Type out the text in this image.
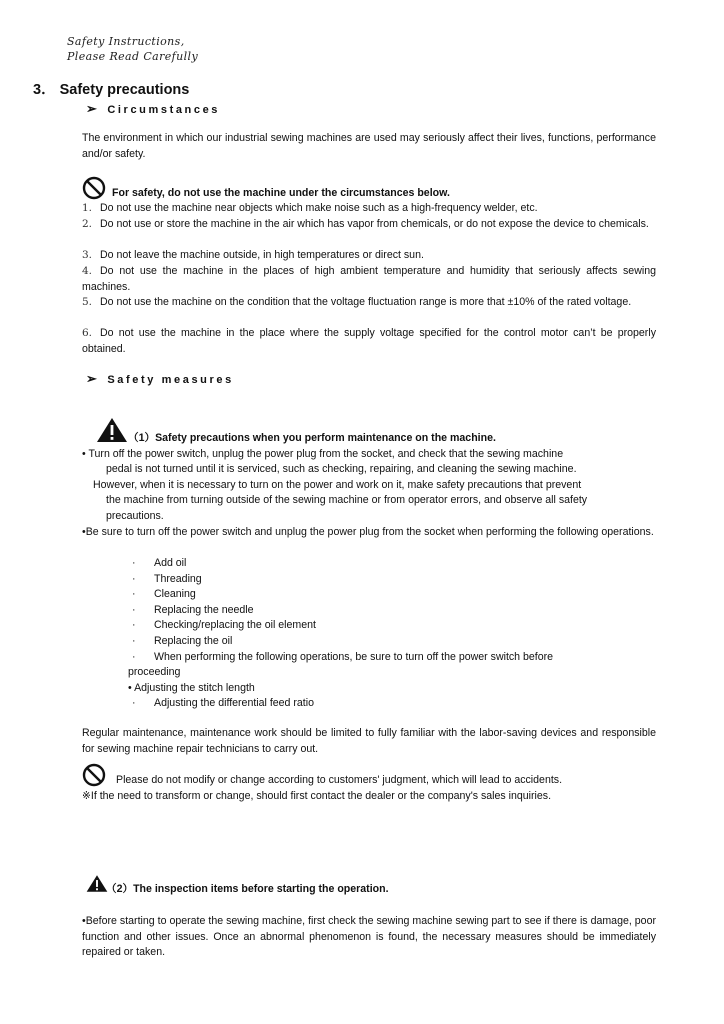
Safety Instructions,
Please Read Carefully
3． Safety precautions
➢ Circumstances
The environment in which our industrial sewing machines are used may seriously affect their lives, functions, performance and/or safety.
For safety, do not use the machine under the circumstances below.
1. Do not use the machine near objects which make noise such as a high-frequency welder, etc.
2. Do not use or store the machine in the air which has vapor from chemicals, or do not expose the device to chemicals.
3. Do not leave the machine outside, in high temperatures or direct sun.
4. Do not use the machine in the places of high ambient temperature and humidity that seriously affects sewing machines.
5. Do not use the machine on the condition that the voltage fluctuation range is more that ±10% of the rated voltage.
6. Do not use the machine in the place where the supply voltage specified for the control motor can’t be properly obtained.
➢ Safety measures
（1）Safety precautions when you perform maintenance on the machine.
• Turn off the power switch, unplug the power plug from the socket, and check that the sewing machine
pedal is not turned until it is serviced, such as checking, repairing, and cleaning the sewing machine.
However, when it is necessary to turn on the power and work on it, make safety precautions that prevent
the machine from turning outside of the sewing machine or from operator errors, and observe all safety
precautions.
•Be sure to turn off the power switch and unplug the power plug from the socket when performing the following operations.
· Add oil
· Threading
· Cleaning
· Replacing the needle
· Checking/replacing the oil element
· Replacing the oil
· When performing the following operations, be sure to turn off the power switch before
proceeding
• Adjusting the stitch length
· Adjusting the differential feed ratio
Regular maintenance, maintenance work should be limited to fully familiar with the labor-saving devices and responsible for sewing machine repair technicians to carry out.
Please do not modify or change according to customers' judgment, which will lead to accidents.
※If the need to transform or change, should first contact the dealer or the company's sales inquiries.
（2）The inspection items before starting the operation.
•Before starting to operate the sewing machine, first check the sewing machine sewing part to see if there is damage, poor function and other issues. Once an abnormal phenomenon is found, the necessary measures should be immediately repaired or taken.
